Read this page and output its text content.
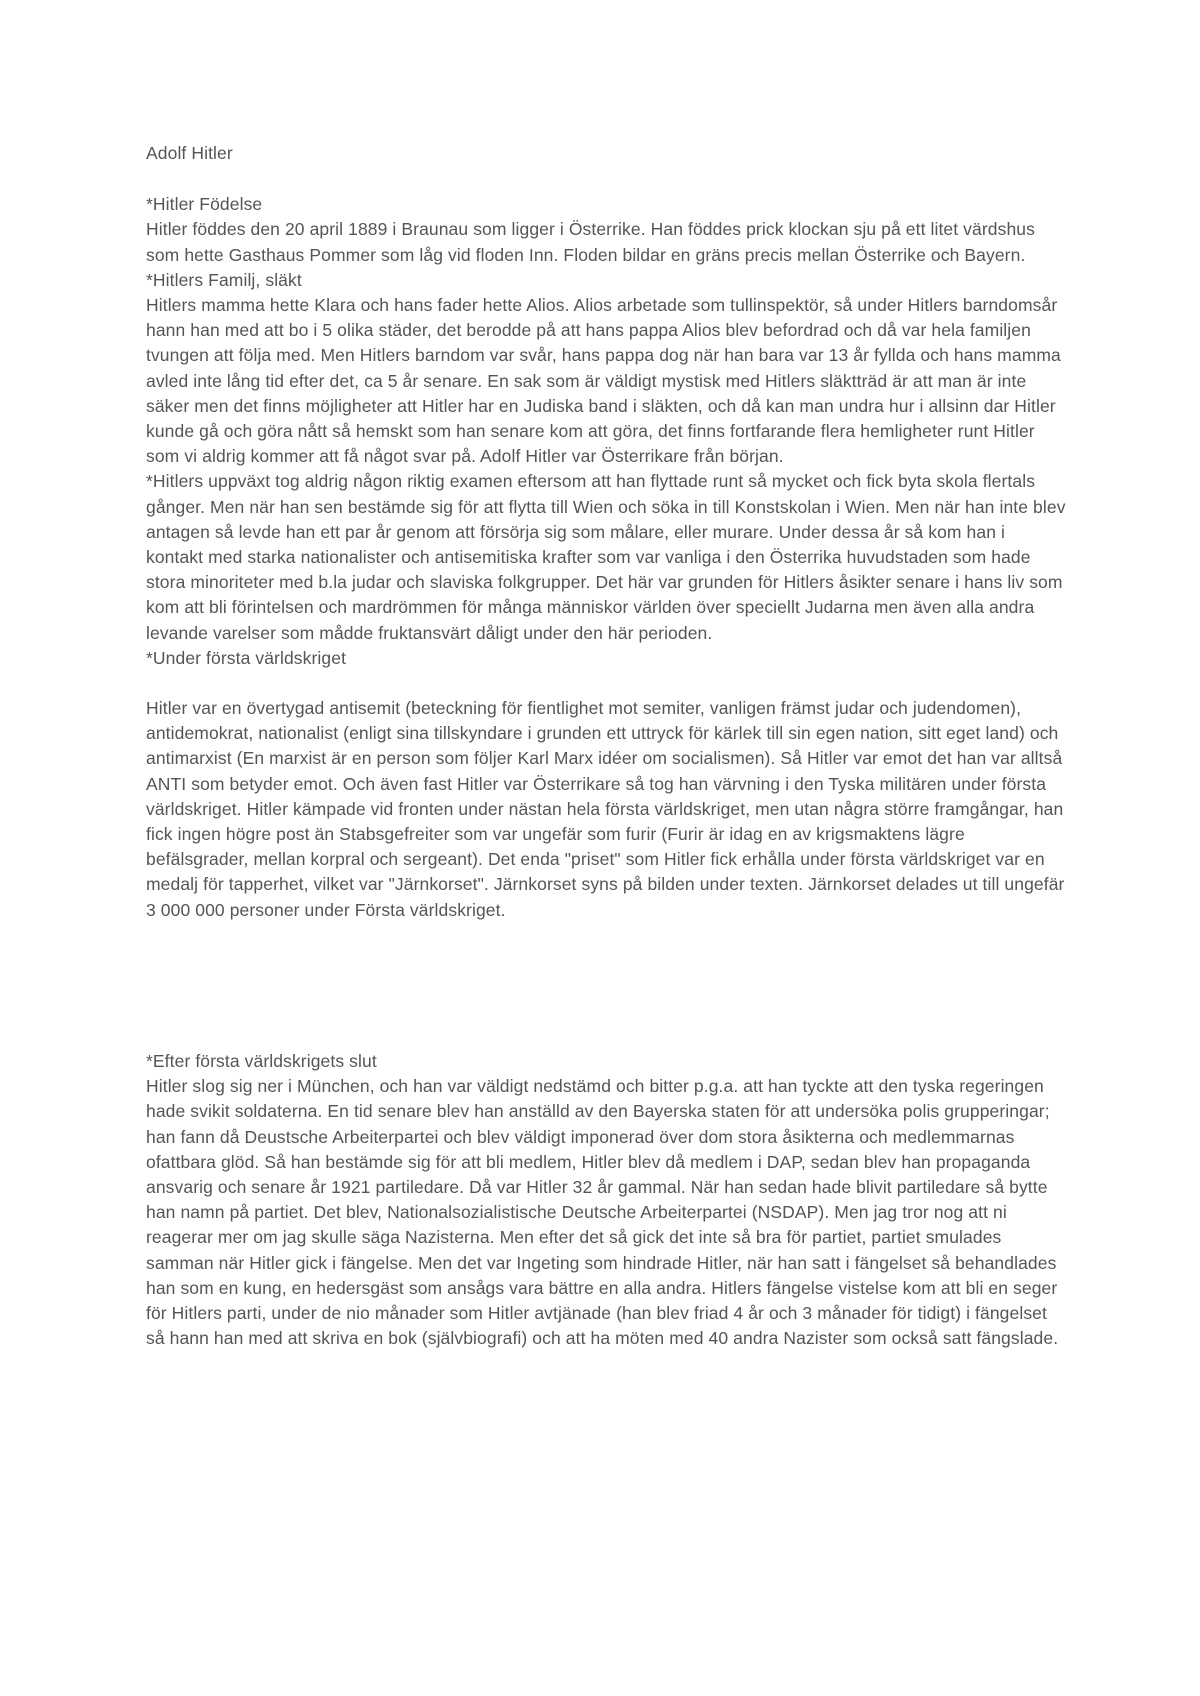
Adolf Hitler

*Hitler Födelse

Hitler föddes den 20 april 1889 i Braunau som ligger i Österrike. Han föddes prick klockan sju på ett litet värdshus som hette Gasthaus Pommer som låg vid floden Inn. Floden bildar en gräns precis mellan Österrike och Bayern.

*Hitlers Familj, släkt

Hitlers mamma hette Klara och hans fader hette Alios. Alios arbetade som tullinspektör, så under Hitlers barndomsår hann han med att bo i 5 olika städer, det berodde på att hans pappa Alios blev befordrad och då var hela familjen tvungen att följa med. Men Hitlers barndom var svår, hans pappa dog när han bara var 13 år fyllda och hans mamma avled inte lång tid efter det, ca 5 år senare. En sak som är väldigt mystisk med Hitlers släktträd är att man är inte säker men det finns möjligheter att Hitler har en Judiska band i släkten, och då kan man undra hur i allsinn dar Hitler kunde gå och göra nått så hemskt som han senare kom att göra, det finns fortfarande flera hemligheter runt Hitler som vi aldrig kommer att få något svar på. Adolf Hitler var Österrikare från början.

*Hitlers uppväxt tog aldrig någon riktig examen eftersom att han flyttade runt så mycket och fick byta skola flertals gånger. Men när han sen bestämde sig för att flytta till Wien och söka in till Konstskolan i Wien. Men när han inte blev antagen så levde han ett par år genom att försörja sig som målare, eller murare. Under dessa år så kom han i kontakt med starka nationalister och antisemitiska krafter som var vanliga i den Österrika huvudstaden som hade stora minoriteter med b.la judar och slaviska folkgrupper. Det här var grunden för Hitlers åsikter senare i hans liv som kom att bli förintelsen och mardrömmen för många människor världen över speciellt Judarna men även alla andra levande varelser som mådde fruktansvärt dåligt under den här perioden.

*Under första världskriget

Hitler var en övertygad antisemit (beteckning för fientlighet mot semiter, vanligen främst judar och judendomen), antidemokrat, nationalist (enligt sina tillskyndare i grunden ett uttryck för kärlek till sin egen nation, sitt eget land) och antimarxist (En marxist är en person som följer Karl Marx idéer om socialismen). Så Hitler var emot det han var alltså ANTI som betyder emot. Och även fast Hitler var Österrikare så tog han värvning i den Tyska militären under första världskriget. Hitler kämpade vid fronten under nästan hela första världskriget, men utan några större framgångar, han fick ingen högre post än Stabsgefreiter som var ungefär som furir (Furir är idag en av krigsmaktens lägre befälsgrader, mellan korpral och sergeant). Det enda "priset" som Hitler fick erhålla under första världskriget var en medalj för tapperhet, vilket var "Järnkorset". Järnkorset syns på bilden under texten. Järnkorset delades ut till ungefär 3 000 000 personer under Första världskriget.

*Efter första världskrigets slut

Hitler slog sig ner i München, och han var väldigt nedstämd och bitter p.g.a. att han tyckte att den tyska regeringen hade svikit soldaterna. En tid senare blev han anställd av den Bayerska staten för att undersöka polis grupperingar; han fann då Deustsche Arbeiterpartei och blev väldigt imponerad över dom stora åsikterna och medlemmarnas ofattbara glöd. Så han bestämde sig för att bli medlem, Hitler blev då medlem i DAP, sedan blev han propaganda ansvarig och senare år 1921 partiledare. Då var Hitler 32 år gammal. När han sedan hade blivit partiledare så bytte han namn på partiet. Det blev, Nationalsozialistische Deutsche Arbeiterpartei (NSDAP). Men jag tror nog att ni reagerar mer om jag skulle säga Nazisterna. Men efter det så gick det inte så bra för partiet, partiet smulades samman när Hitler gick i fängelse. Men det var Ingeting som hindrade Hitler, när han satt i fängelset så behandlades han som en kung, en hedersgäst som ansågs vara bättre en alla andra. Hitlers fängelse vistelse kom att bli en seger för Hitlers parti, under de nio månader som Hitler avtjänade (han blev friad 4 år och 3 månader för tidigt) i fängelset så hann han med att skriva en bok (självbiografi) och att ha möten med 40 andra Nazister som också satt fängslade.
